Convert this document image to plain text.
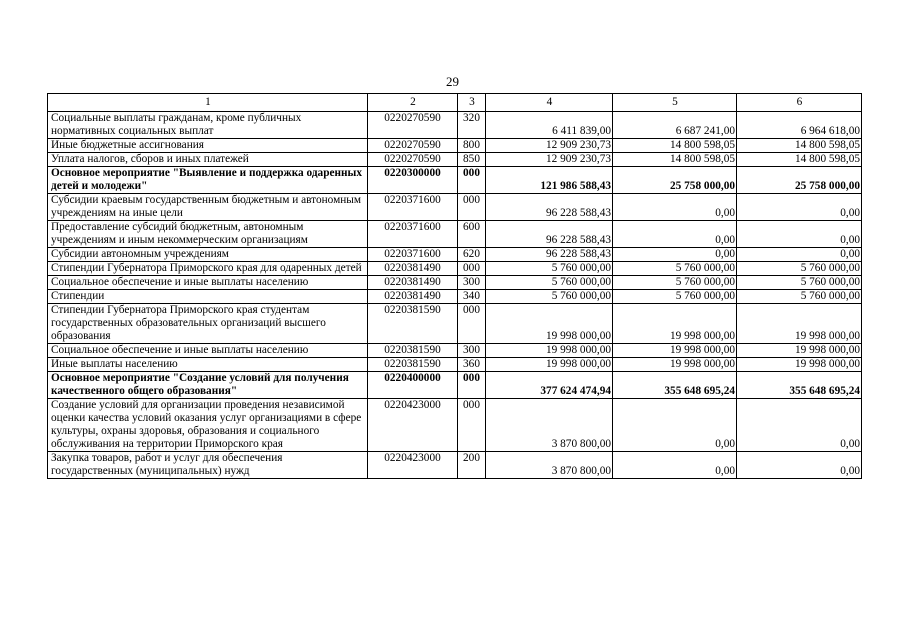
29
1	2	3	4	5	6
Социальные выплаты гражданам, кроме публичных нормативных социальных выплат	0220270590	320	6 411 839,00	6 687 241,00	6 964 618,00
Иные бюджетные ассигнования	0220270590	800	12 909 230,73	14 800 598,05	14 800 598,05
Уплата налогов, сборов и иных платежей	0220270590	850	12 909 230,73	14 800 598,05	14 800 598,05
Основное мероприятие "Выявление и поддержка одаренных детей и молодежи"	0220300000	000	121 986 588,43	25 758 000,00	25 758 000,00
Субсидии краевым государственным бюджетным и автономным учреждениям на иные цели	0220371600	000	96 228 588,43	0,00	0,00
Предоставление субсидий бюджетным, автономным учреждениям и иным некоммерческим организациям	0220371600	600	96 228 588,43	0,00	0,00
Субсидии автономным учреждениям	0220371600	620	96 228 588,43	0,00	0,00
Стипендии Губернатора Приморского края для одаренных детей	0220381490	000	5 760 000,00	5 760 000,00	5 760 000,00
Социальное обеспечение и иные выплаты населению	0220381490	300	5 760 000,00	5 760 000,00	5 760 000,00
Стипендии	0220381490	340	5 760 000,00	5 760 000,00	5 760 000,00
Стипендии Губернатора Приморского края студентам государственных образовательных организаций высшего образования	0220381590	000	19 998 000,00	19 998 000,00	19 998 000,00
Социальное обеспечение и иные выплаты населению	0220381590	300	19 998 000,00	19 998 000,00	19 998 000,00
Иные выплаты населению	0220381590	360	19 998 000,00	19 998 000,00	19 998 000,00
Основное мероприятие "Создание условий для получения качественного общего образования"	0220400000	000	377 624 474,94	355 648 695,24	355 648 695,24
Создание условий для организации проведения независимой оценки качества условий оказания услуг организациями в сфере культуры, охраны здоровья, образования и социального обслуживания на территории Приморского края	0220423000	000	3 870 800,00	0,00	0,00
Закупка товаров, работ и услуг для обеспечения государственных (муниципальных) нужд	0220423000	200	3 870 800,00	0,00	0,00
